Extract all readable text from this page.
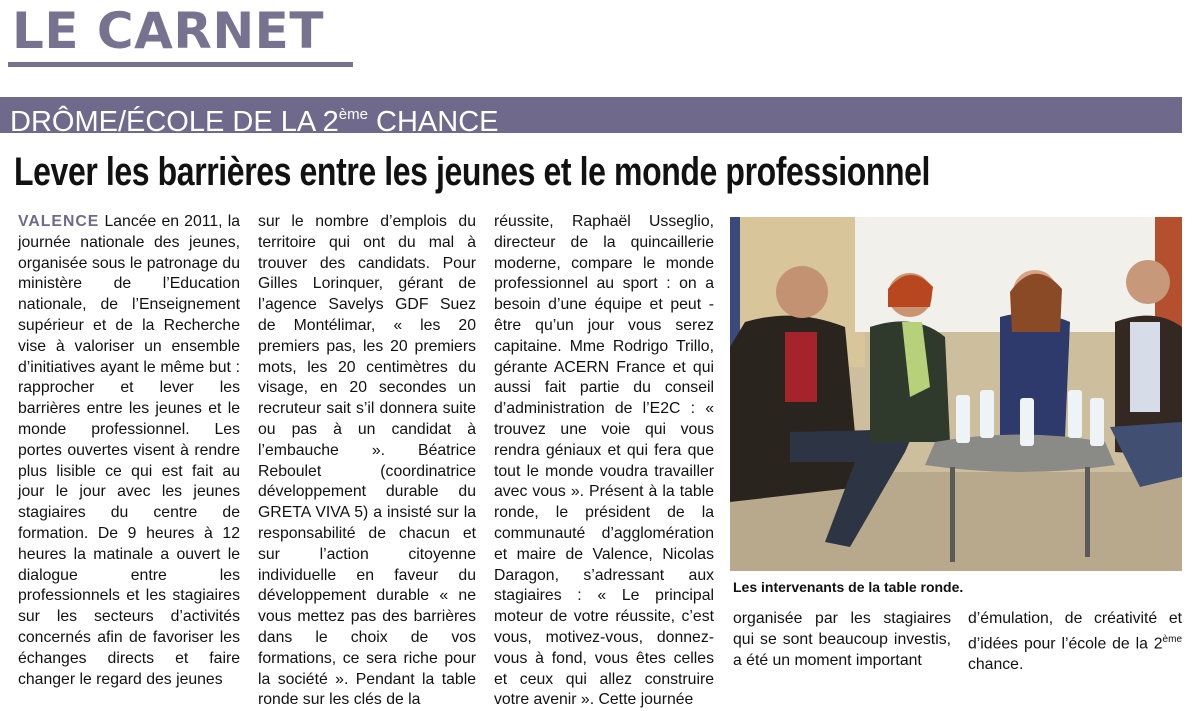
LE CARNET
DRÔME/ÉCOLE DE LA 2ème CHANCE
Lever les barrières entre les jeunes et le monde professionnel

VALENCE Lancée en 2011, la journée nationale des jeunes, organisée sous le patronage du ministère de l’Education nationale, de l’Enseignement supérieur et de la Recherche vise à valoriser un ensemble d’initiatives ayant le même but : rapprocher et lever les barrières entre les jeunes et le monde professionnel. Les portes ouvertes visent à rendre plus lisible ce qui est fait au jour le jour avec les jeunes stagiaires du centre de formation. De 9 heures à 12 heures la matinale a ouvert le dialogue entre les professionnels et les stagiaires sur les secteurs d’activités concernés afin de favoriser les échanges directs et faire changer le regard des jeunes

sur le nombre d’emplois du territoire qui ont du mal à trouver des candidats. Pour Gilles Lorinquer, gérant de l’agence Savelys GDF Suez de Montélimar, « les 20 premiers pas, les 20 premiers mots, les 20 centimètres du visage, en 20 secondes un recruteur sait s’il donnera suite ou pas à un candidat à l’embauche ». Béatrice Reboulet (coordinatrice développement durable du GRETA VIVA 5) a insisté sur la responsabilité de chacun et sur l’action citoyenne individuelle en faveur du développement durable « ne vous mettez pas des barrières dans le choix de vos formations, ce sera riche pour la société ». Pendant la table ronde sur les clés de la

réussite, Raphaël Usseglio, directeur de la quincaillerie moderne, compare le monde professionnel au sport : on a besoin d’une équipe et peut - être qu’un jour vous serez capitaine. Mme Rodrigo Trillo, gérante ACERN France et qui aussi fait partie du conseil d’administration de l’E2C : « trouvez une voie qui vous rendra géniaux et qui fera que tout le monde voudra travailler avec vous ». Présent à la table ronde, le président de la communauté d’agglomération et maire de Valence, Nicolas Daragon, s’adressant aux stagiaires : « Le principal moteur de votre réussite, c’est vous, motivez-vous, donnez-vous à fond, vous êtes celles et ceux qui allez construire votre avenir ». Cette journée

Les intervenants de la table ronde.

organisée par les stagiaires qui se sont beaucoup investis, a été un moment important

d’émulation, de créativité et d’idées pour l’école de la 2ème chance.
